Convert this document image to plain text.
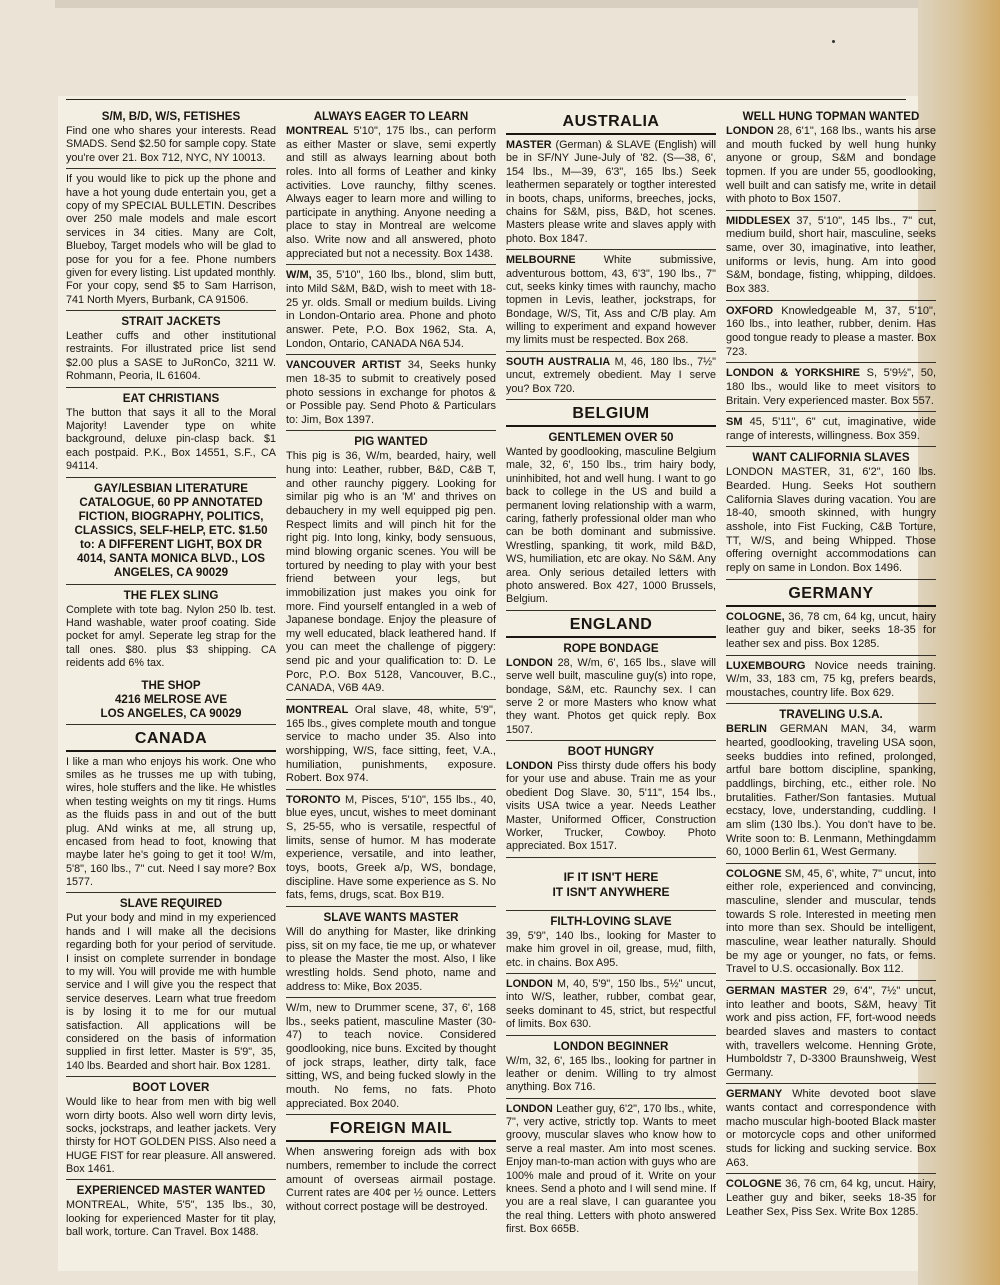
S/M, B/D, W/S, FETISHES
Find one who shares your interests. Read SMADS. Send $2.50 for sample copy. State you're over 21. Box 712, NYC, NY 10013.
If you would like to pick up the phone and have a hot young dude entertain you, get a copy of my SPECIAL BULLETIN. Describes over 250 male models and male escort services in 34 cities. Many are Colt, Blueboy, Target models who will be glad to pose for you for a fee. Phone numbers given for every listing. List updated monthly. For your copy, send $5 to Sam Harrison, 741 North Myers, Burbank, CA 91506.
STRAIT JACKETS
Leather cuffs and other institutional restraints. For illustrated price list send $2.00 plus a SASE to JuRonCo, 3211 W. Rohmann, Peoria, IL 61604.
EAT CHRISTIANS
The button that says it all to the Moral Majority! Lavender type on white background, deluxe pin-clasp back. $1 each postpaid. P.K., Box 14551, S.F., CA 94114.
GAY/LESBIAN LITERATURE CATALOGUE, 60 PP ANNOTATED FICTION, BIOGRAPHY, POLITICS, CLASSICS, SELF-HELP, ETC. $1.50 to: A DIFFERENT LIGHT, BOX DR 4014, SANTA MONICA BLVD., LOS ANGELES, CA 90029
THE FLEX SLING
Complete with tote bag. Nylon 250 lb. test. Hand washable, water proof coating. Side pocket for amyl. Seperate leg strap for the tall ones. $80. plus $3 shipping. CA reidents add 6% tax.
THE SHOP
4216 MELROSE AVE
LOS ANGELES, CA 90029
CANADA
I like a man who enjoys his work. One who smiles as he trusses me up with tubing, wires, hole stuffers and the like. He whistles when testing weights on my tit rings. Hums as the fluids pass in and out of the butt plug. ANd winks at me, all strung up, encased from head to foot, knowing that maybe later he's going to get it too! W/m, 5'8", 160 lbs., 7" cut. Need I say more? Box 1577.
SLAVE REQUIRED
Put your body and mind in my experienced hands and I will make all the decisions regarding both for your period of servitude. I insist on complete surrender in bondage to my will. You will provide me with humble service and I will give you the respect that service deserves. Learn what true freedom is by losing it to me for our mutual satisfaction. All applications will be considered on the basis of information supplied in first letter. Master is 5'9", 35, 140 lbs. Bearded and short hair. Box 1281.
BOOT LOVER
Would like to hear from men with big well worn dirty boots. Also well worn dirty levis, socks, jockstraps, and leather jackets. Very thirsty for HOT GOLDEN PISS. Also need a HUGE FIST for rear pleasure. All answered. Box 1461.
EXPERIENCED MASTER WANTED
MONTREAL, White, 5'5", 135 lbs., 30, looking for experienced Master for tit play, ball work, torture. Can Travel. Box 1488.
ALWAYS EAGER TO LEARN
MONTREAL 5'10", 175 lbs., can perform as either Master or slave, semi expertly and still as always learning about both roles. Into all forms of Leather and kinky activities. Love raunchy, filthy scenes. Always eager to learn more and willing to participate in anything. Anyone needing a place to stay in Montreal are welcome also. Write now and all answered, photo appreciated but not a necessity. Box 1438.
W/M, 35, 5'10", 160 lbs., blond, slim butt, into Mild S&M, B&D, wish to meet with 18-25 yr. olds. Small or medium builds. Living in London-Ontario area. Phone and photo answer. Pete, P.O. Box 1962, Sta. A, London, Ontario, CANADA N6A 5J4.
VANCOUVER ARTIST 34, Seeks hunky men 18-35 to submit to creatively posed photo sessions in exchange for photos & or Possible pay. Send Photo & Particulars to: Jim, Box 1397.
PIG WANTED
This pig is 36, W/m, bearded, hairy, well hung into: Leather, rubber, B&D, C&B T, and other raunchy piggery. Looking for similar pig who is an 'M' and thrives on debauchery in my well equipped pig pen. Respect limits and will pinch hit for the right pig. Into long, kinky, body sensuous, mind blowing organic scenes. You will be tortured by needing to play with your best friend between your legs, but immobilization just makes you oink for more. Find yourself entangled in a web of Japanese bondage. Enjoy the pleasure of my well educated, black leathered hand. If you can meet the challenge of piggery: send pic and your qualification to: D. Le Porc, P.O. Box 5128, Vancouver, B.C., CANADA, V6B 4A9.
MONTREAL Oral slave, 48, white, 5'9", 165 lbs., gives complete mouth and tongue service to macho under 35. Also into worshipping, W/S, face sitting, feet, V.A., humiliation, punishments, exposure. Robert. Box 974.
TORONTO M, Pisces, 5'10", 155 lbs., 40, blue eyes, uncut, wishes to meet dominant S, 25-55, who is versatile, respectful of limits, sense of humor. M has moderate experience, versatile, and into leather, toys, boots, Greek a/p, WS, bondage, discipline. Have some experience as S. No fats, fems, drugs, scat. Box B19.
SLAVE WANTS MASTER
Will do anything for Master, like drinking piss, sit on my face, tie me up, or whatever to please the Master the most. Also, I like wrestling holds. Send photo, name and address to: Mike, Box 2035.
W/m, new to Drummer scene, 37, 6', 168 lbs., seeks patient, masculine Master (30-47) to teach novice. Considered goodlooking, nice buns. Excited by thought of jock straps, leather, dirty talk, face sitting, WS, and being fucked slowly in the mouth. No fems, no fats. Photo appreciated. Box 2040.
FOREIGN MAIL
When answering foreign ads with box numbers, remember to include the correct amount of overseas airmail postage. Current rates are 40¢ per ½ ounce. Letters without correct postage will be destroyed.
AUSTRALIA
MASTER (German) & SLAVE (English) will be in SF/NY June-July of '82. (S—38, 6', 154 lbs., M—39, 6'3", 165 lbs.) Seek leathermen separately or togther interested in boots, chaps, uniforms, breeches, jocks, chains for S&M, piss, B&D, hot scenes. Masters please write and slaves apply with photo. Box 1847.
MELBOURNE White submissive, adventurous bottom, 43, 6'3", 190 lbs., 7" cut, seeks kinky times with raunchy, macho topmen in Levis, leather, jockstraps, for Bondage, W/S, Tit, Ass and C/B play. Am willing to experiment and expand however my limits must be respected. Box 268.
SOUTH AUSTRALIA M, 46, 180 lbs., 7½" uncut, extremely obedient. May I serve you? Box 720.
BELGIUM
GENTLEMEN OVER 50
Wanted by goodlooking, masculine Belgium male, 32, 6', 150 lbs., trim hairy body, uninhibited, hot and well hung. I want to go back to college in the US and build a permanent loving relationship with a warm, caring, fatherly professional older man who can be both dominant and submissive. Wrestling, spanking, tit work, mild B&D, WS, humiliation, etc are okay. No S&M. Any area. Only serious detailed letters with photo answered. Box 427, 1000 Brussels, Belgium.
ENGLAND
ROPE BONDAGE
LONDON 28, W/m, 6', 165 lbs., slave will serve well built, masculine guy(s) into rope, bondage, S&M, etc. Raunchy sex. I can serve 2 or more Masters who know what they want. Photos get quick reply. Box 1507.
BOOT HUNGRY
LONDON Piss thirsty dude offers his body for your use and abuse. Train me as your obedient Dog Slave. 30, 5'11", 154 lbs., visits USA twice a year. Needs Leather Master, Uniformed Officer, Construction Worker, Trucker, Cowboy. Photo appreciated. Box 1517.
IF IT ISN'T HERE
IT ISN'T ANYWHERE
FILTH-LOVING SLAVE
39, 5'9", 140 lbs., looking for Master to make him grovel in oil, grease, mud, filth, etc. in chains. Box A95.
LONDON M, 40, 5'9", 150 lbs., 5½" uncut, into W/S, leather, rubber, combat gear, seeks dominant to 45, strict, but respectful of limits. Box 630.
LONDON BEGINNER
W/m, 32, 6', 165 lbs., looking for partner in leather or denim. Willing to try almost anything. Box 716.
LONDON Leather guy, 6'2", 170 lbs., white, 7", very active, strictly top. Wants to meet groovy, muscular slaves who know how to serve a real master. Am into most scenes. Enjoy man-to-man action with guys who are 100% male and proud of it. Write on your knees. Send a photo and I will send mine. If you are a real slave, I can guarantee you the real thing. Letters with photo answered first. Box 665B.
WELL HUNG TOPMAN WANTED
LONDON 28, 6'1", 168 lbs., wants his arse and mouth fucked by well hung hunky anyone or group, S&M and bondage topmen. If you are under 55, goodlooking, well built and can satisfy me, write in detail with photo to Box 1507.
MIDDLESEX 37, 5'10", 145 lbs., 7" cut, medium build, short hair, masculine, seeks same, over 30, imaginative, into leather, uniforms or levis, hung. Am into good S&M, bondage, fisting, whipping, dildoes. Box 383.
OXFORD Knowledgeable M, 37, 5'10", 160 lbs., into leather, rubber, denim. Has good tongue ready to please a master. Box 723.
LONDON & YORKSHIRE S, 5'9½", 50, 180 lbs., would like to meet visitors to Britain. Very experienced master. Box 557.
SM 45, 5'11", 6" cut, imaginative, wide range of interests, willingness. Box 359.
WANT CALIFORNIA SLAVES
LONDON MASTER, 31, 6'2", 160 lbs. Bearded. Hung. Seeks Hot southern California Slaves during vacation. You are 18-40, smooth skinned, with hungry asshole, into Fist Fucking, C&B Torture, TT, W/S, and being Whipped. Those offering overnight accommodations can reply on same in London. Box 1496.
GERMANY
COLOGNE, 36, 78 cm, 64 kg, uncut, hairy leather guy and biker, seeks 18-35 for leather sex and piss. Box 1285.
LUXEMBOURG Novice needs training. W/m, 33, 183 cm, 75 kg, prefers beards, moustaches, country life. Box 629.
TRAVELING U.S.A.
BERLIN GERMAN MAN, 34, warm hearted, goodlooking, traveling USA soon, seeks buddies into refined, prolonged, artful bare bottom discipline, spanking, paddlings, birching, etc., either role. No brutalities. Father/Son fantasies. Mutual ecstacy, love, understanding, cuddling. I am slim (130 lbs.). You don't have to be. Write soon to: B. Lenmann, Methingdamm 60, 1000 Berlin 61, West Germany.
COLOGNE SM, 45, 6', white, 7" uncut, into either role, experienced and convincing, masculine, slender and muscular, tends towards S role. Interested in meeting men into more than sex. Should be intelligent, masculine, wear leather naturally. Should be my age or younger, no fats, or fems. Travel to U.S. occasionally. Box 112.
GERMAN MASTER 29, 6'4", 7½" uncut, into leather and boots, S&M, heavy Tit work and piss action, FF, fort-wood needs bearded slaves and masters to contact with, travellers welcome. Henning Grote, Humboldstr 7, D-3300 Braunshweig, West Germany.
GERMANY White devoted boot slave wants contact and correspondence with macho muscular high-booted Black master or motorcycle cops and other uniformed studs for licking and sucking service. Box A63.
COLOGNE 36, 76 cm, 64 kg, uncut. Hairy, Leather guy and biker, seeks 18-35 for Leather Sex, Piss Sex. Write Box 1285.
